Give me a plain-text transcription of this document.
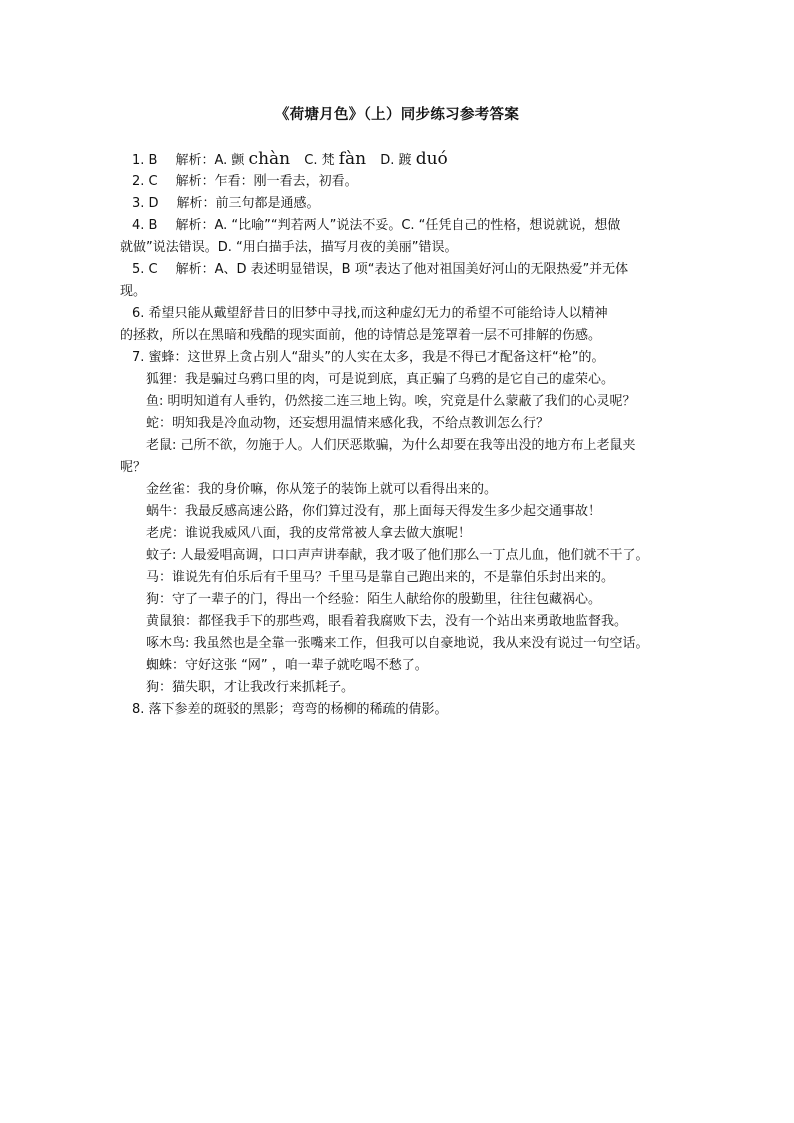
《荷塘月色》（上）同步练习参考答案
1. B 解析：A. 颤 chàn C. 梵 fàn D. 踱 duó
2. C 解析：乍看：刚一看去，初看。
3. D 解析：前三句都是通感。
4. B 解析：A. “比喻”“判若两人”说法不妥。C. “任凭自己的性格，想说就说，想做
就做”说法错误。D. “用白描手法，描写月夜的美丽”错误。
5. C 解析：A、D 表述明显错误，B 项“表达了他对祖国美好河山的无限热爱”并无体
现。
6. 希望只能从戴望舒昔日的旧梦中寻找,而这种虚幻无力的希望不可能给诗人以精神
的拯救，所以在黑暗和残酷的现实面前，他的诗情总是笼罩着一层不可排解的伤感。
7. 蜜蜂：这世界上贪占别人“甜头”的人实在太多，我是不得已才配备这杆“枪”的。
狐狸：我是骗过乌鸦口里的肉，可是说到底，真正骗了乌鸦的是它自己的虚荣心。
鱼: 明明知道有人垂钓，仍然接二连三地上钩。唉，究竟是什么蒙蔽了我们的心灵呢？
蛇：明知我是冷血动物，还妄想用温情来感化我，不给点教训怎么行？
老鼠: 己所不欲，勿施于人。人们厌恶欺骗，为什么却要在我等出没的地方布上老鼠夹
呢？
金丝雀：我的身价嘛，你从笼子的装饰上就可以看得出来的。
蜗牛：我最反感高速公路，你们算过没有，那上面每天得发生多少起交通事故！
老虎：谁说我威风八面，我的皮常常被人拿去做大旗呢！
蚊子: 人最爱唱高调，口口声声讲奉献，我才吸了他们那么一丁点儿血，他们就不干了。
马：谁说先有伯乐后有千里马？千里马是靠自己跑出来的，不是靠伯乐封出来的。
狗：守了一辈子的门，得出一个经验：陌生人献给你的殷勤里，往往包藏祸心。
黄鼠狼：都怪我手下的那些鸡，眼看着我腐败下去，没有一个站出来勇敢地监督我。
啄木鸟: 我虽然也是全靠一张嘴来工作，但我可以自豪地说，我从来没有说过一句空话。
蜘蛛：守好这张 “网” ，咱一辈子就吃喝不愁了。
狗：猫失职，才让我改行来抓耗子。
8. 落下参差的斑驳的黑影；弯弯的杨柳的稀疏的倩影。
